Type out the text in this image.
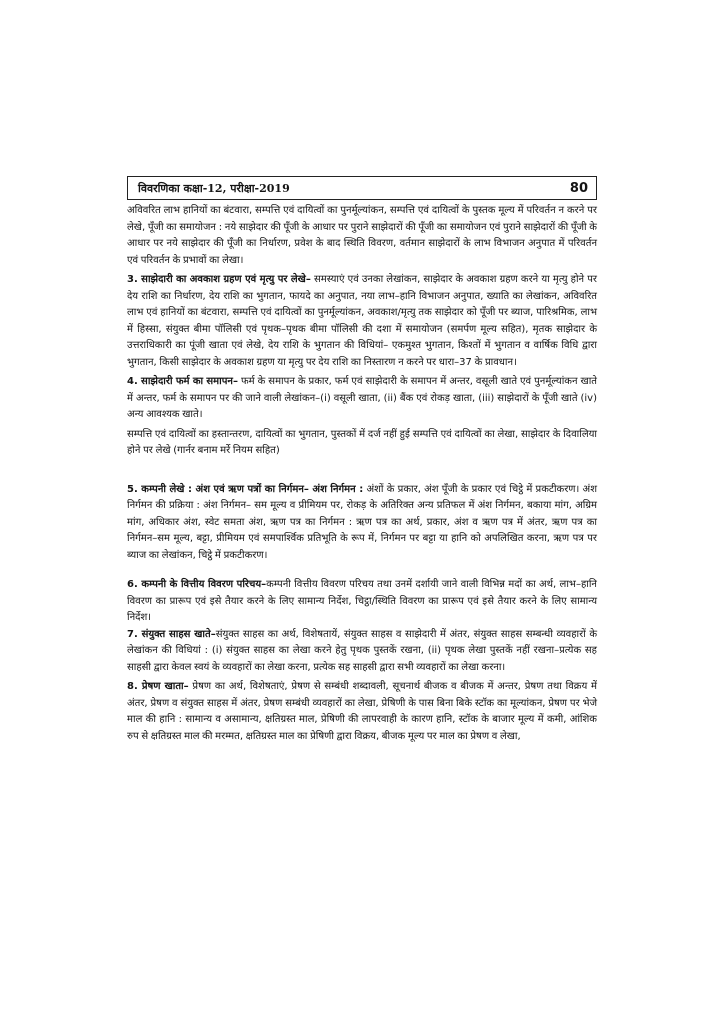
विवरणिका कक्षा-12, परीक्षा-2019	80

अविवरित लाभ हानियों का बंटवारा, सम्पत्ति एवं दायित्वों का पुनर्मूल्यांकन, सम्पत्ति एवं दायित्वों के पुस्तक मूल्य में परिवर्तन न करने पर लेखे, पूँजी का समायोजन : नये साझेदार की पूँजी के आधार पर पुराने साझेदारों की पूँजी का समायोजन एवं पुराने साझेदारों की पूँजी के आधार पर नये साझेदार की पूँजी का निर्धारण, प्रवेश के बाद स्थिति विवरण, वर्तमान साझेदारों के लाभ विभाजन अनुपात में परिवर्तन एवं परिवर्तन के प्रभावों का लेखा।

3. साझेदारी का अवकाश ग्रहण एवं मृत्यु पर लेखे– समस्याएं एवं उनका लेखांकन, साझेदार के अवकाश ग्रहण करने या मृत्यु होने पर देय राशि का निर्धारण, देय राशि का भुगतान, फायदे का अनुपात, नया लाभ–हानि विभाजन अनुपात, ख्याति का लेखांकन, अविवरित लाभ एवं हानियों का बंटवारा, सम्पत्ति एवं दायित्वों का पुनर्मूल्यांकन, अवकाश/मृत्यु तक साझेदार को पूँजी पर ब्याज, पारिश्रमिक, लाभ में हिस्सा, संयुक्त बीमा पॉलिसी एवं पृथक–पृथक बीमा पॉलिसी की दशा में समायोजन (समर्पण मूल्य सहित), मृतक साझेदार के उत्तराधिकारी का पूंजी खाता एवं लेखे, देय राशि के भुगतान की विधियां– एकमुश्त भुगतान, किश्तों में भुगतान व वार्षिक विधि द्वारा भुगतान, किसी साझेदार के अवकाश ग्रहण या मृत्यु पर देय राशि का निस्तारण न करने पर धारा–37 के प्रावधान।

4. साझेदारी फर्म का समापन– फर्म के समापन के प्रकार, फर्म एवं साझेदारी के समापन में अन्तर, वसूली खाते एवं पुनर्मूल्यांकन खाते में अन्तर, फर्म के समापन पर की जाने वाली लेखांकन–(i) वसूली खाता, (ii) बैंक एवं रोकड़ खाता, (iii) साझेदारों के पूँजी खाते (iv) अन्य आवश्यक खाते।

सम्पत्ति एवं दायित्वों का हस्तान्तरण, दायित्वों का भुगतान, पुस्तकों में दर्ज नहीं हुई सम्पत्ति एवं दायित्वों का लेखा, साझेदार के दिवालिया होने पर लेखे (गार्नर बनाम मर्रे नियम सहित)

5. कम्पनी लेखे : अंश एवं ऋण पत्रों का निर्गमन– अंश निर्गमन : अंशों के प्रकार, अंश पूँजी के प्रकार एवं चिट्ठे में प्रकटीकरण। अंश निर्गमन की प्रक्रिया : अंश निर्गमन– सम मूल्य व प्रीमियम पर, रोकड़ के अतिरिक्त अन्य प्रतिफल में अंश निर्गमन, बकाया मांग, अग्रिम मांग, अधिकार अंश, स्वेट समता अंश, ऋण पत्र का निर्गमन : ऋण पत्र का अर्थ, प्रकार, अंश व ऋण पत्र में अंतर, ऋण पत्र का निर्गमन–सम मूल्य, बट्टा, प्रीमियम एवं समपार्श्विक प्रतिभूति के रूप में, निर्गमन पर बट्टा या हानि को अपलिखित करना, ऋण पत्र पर ब्याज का लेखांकन, चिट्ठे में प्रकटीकरण।

6. कम्पनी के वित्तीय विवरण परिचय–कम्पनी वित्तीय विवरण परिचय तथा उनमें दर्शायी जाने वाली विभिन्न मदों का अर्थ, लाभ–हानि विवरण का प्रारूप एवं इसे तैयार करने के लिए सामान्य निर्देश, चिट्ठा/स्थिति विवरण का प्रारूप एवं इसे तैयार करने के लिए सामान्य निर्देश।

7. संयुक्त साहस खाते–संयुक्त साहस का अर्थ, विशेषतायें, संयुक्त साहस व साझेदारी में अंतर, संयुक्त साहस सम्बन्धी व्यवहारों के लेखांकन की विधियां : (i) संयुक्त साहस का लेखा करने हेतु पृथक पुस्तकें रखना, (ii) पृथक लेखा पुस्तकें नहीं रखना–प्रत्येक सह साहसी द्वारा केवल स्वयं के व्यवहारों का लेखा करना, प्रत्येक सह साहसी द्वारा सभी व्यवहारों का लेखा करना।

8. प्रेषण खाता– प्रेषण का अर्थ, विशेषताएं, प्रेषण से सम्बंधी शब्दावली, सूचनार्थ बीजक व बीजक में अन्तर, प्रेषण तथा विक्रय में अंतर, प्रेषण व संयुक्त साहस में अंतर, प्रेषण सम्बंधी व्यवहारों का लेखा, प्रेषिणी के पास बिना बिके स्टॉक का मूल्यांकन, प्रेषण पर भेजे माल की हानि : सामान्य व असामान्य, क्षतिग्रस्त माल, प्रेषिणी की लापरवाही के कारण हानि, स्टॉक के बाजार मूल्य में कमी, आंशिक रुप से क्षतिग्रस्त माल की मरम्मत, क्षतिग्रस्त माल का प्रेषिणी द्वारा विक्रय, बीजक मूल्य पर माल का प्रेषण व लेखा,
